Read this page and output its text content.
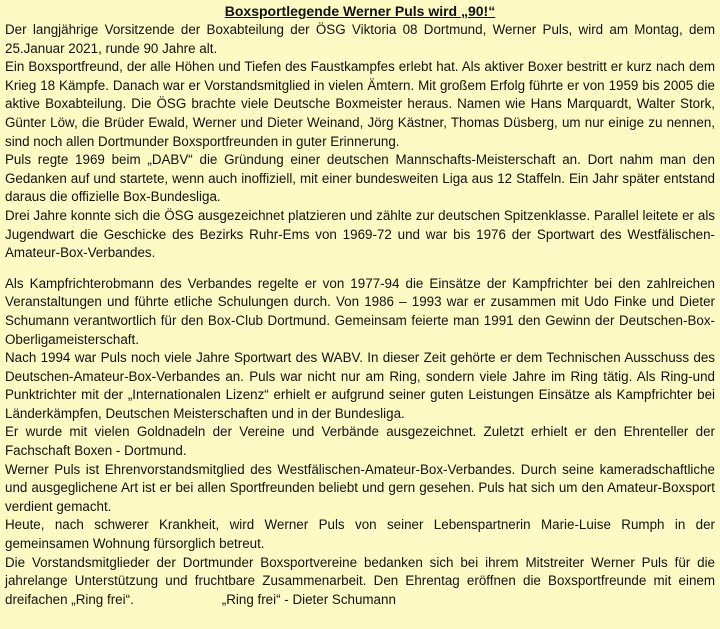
Boxsportlegende Werner Puls wird „90!“

Der langjährige Vorsitzende der Boxabteilung der ÖSG Viktoria 08 Dortmund, Werner Puls, wird am Montag, dem 25.Januar 2021, runde 90 Jahre alt.

Ein Boxsportfreund, der alle Höhen und Tiefen des Faustkampfes erlebt hat. Als aktiver Boxer bestritt er kurz nach dem Krieg 18 Kämpfe. Danach war er Vorstandsmitglied in vielen Ämtern. Mit großem Erfolg führte er von 1959 bis 2005 die aktive Boxabteilung. Die ÖSG brachte viele Deutsche Boxmeister heraus. Namen wie Hans Marquardt, Walter Stork, Günter Löw, die Brüder Ewald, Werner und Dieter Weinand, Jörg Kästner, Thomas Düsberg, um nur einige zu nennen, sind noch allen Dortmunder Boxsportfreunden in guter Erinnerung.

Puls regte 1969 beim „DABV“ die Gründung einer deutschen Mannschafts-Meisterschaft an. Dort nahm man den Gedanken auf und startete, wenn auch inoffiziell, mit einer bundesweiten Liga aus 12 Staffeln. Ein Jahr später entstand daraus die offizielle Box-Bundesliga.

Drei Jahre konnte sich die ÖSG ausgezeichnet platzieren und zählte zur deutschen Spitzenklasse. Parallel leitete er als Jugendwart die Geschicke des Bezirks Ruhr-Ems von 1969-72 und war bis 1976 der Sportwart des Westfälischen-Amateur-Box-Verbandes.

Als Kampfrichterobmann des Verbandes regelte er von 1977-94 die Einsätze der Kampfrichter bei den zahlreichen Veranstaltungen und führte etliche Schulungen durch. Von 1986 – 1993 war er zusammen mit Udo Finke und Dieter Schumann verantwortlich für den Box-Club Dortmund. Gemeinsam feierte man 1991 den Gewinn der Deutschen-Box-Oberligameisterschaft.

Nach 1994 war Puls noch viele Jahre Sportwart des WABV. In dieser Zeit gehörte er dem Technischen Ausschuss des Deutschen-Amateur-Box-Verbandes an. Puls war nicht nur am Ring, sondern viele Jahre im Ring tätig. Als Ring-und Punktrichter mit der „Internationalen Lizenz“ erhielt er aufgrund seiner guten Leistungen Einsätze als Kampfrichter bei Länderkämpfen, Deutschen Meisterschaften und in der Bundesliga.

Er wurde mit vielen Goldnadeln der Vereine und Verbände ausgezeichnet. Zuletzt erhielt er den Ehrenteller der Fachschaft Boxen - Dortmund.

Werner Puls ist Ehrenvorstandsmitglied des Westfälischen-Amateur-Box-Verbandes. Durch seine kameradschaftliche und ausgeglichene Art ist er bei allen Sportfreunden beliebt und gern gesehen. Puls hat sich um den Amateur-Boxsport verdient gemacht.

Heute, nach schwerer Krankheit, wird Werner Puls von seiner Lebenspartnerin Marie-Luise Rumph in der gemeinsamen Wohnung fürsorglich betreut.

Die Vorstandsmitglieder der Dortmunder Boxsportvereine bedanken sich bei ihrem Mitstreiter Werner Puls für die jahrelange Unterstützung und fruchtbare Zusammenarbeit. Den Ehrentag eröffnen die Boxsportfreunde mit einem dreifachen „Ring frei“.	„Ring frei“ - Dieter Schumann
